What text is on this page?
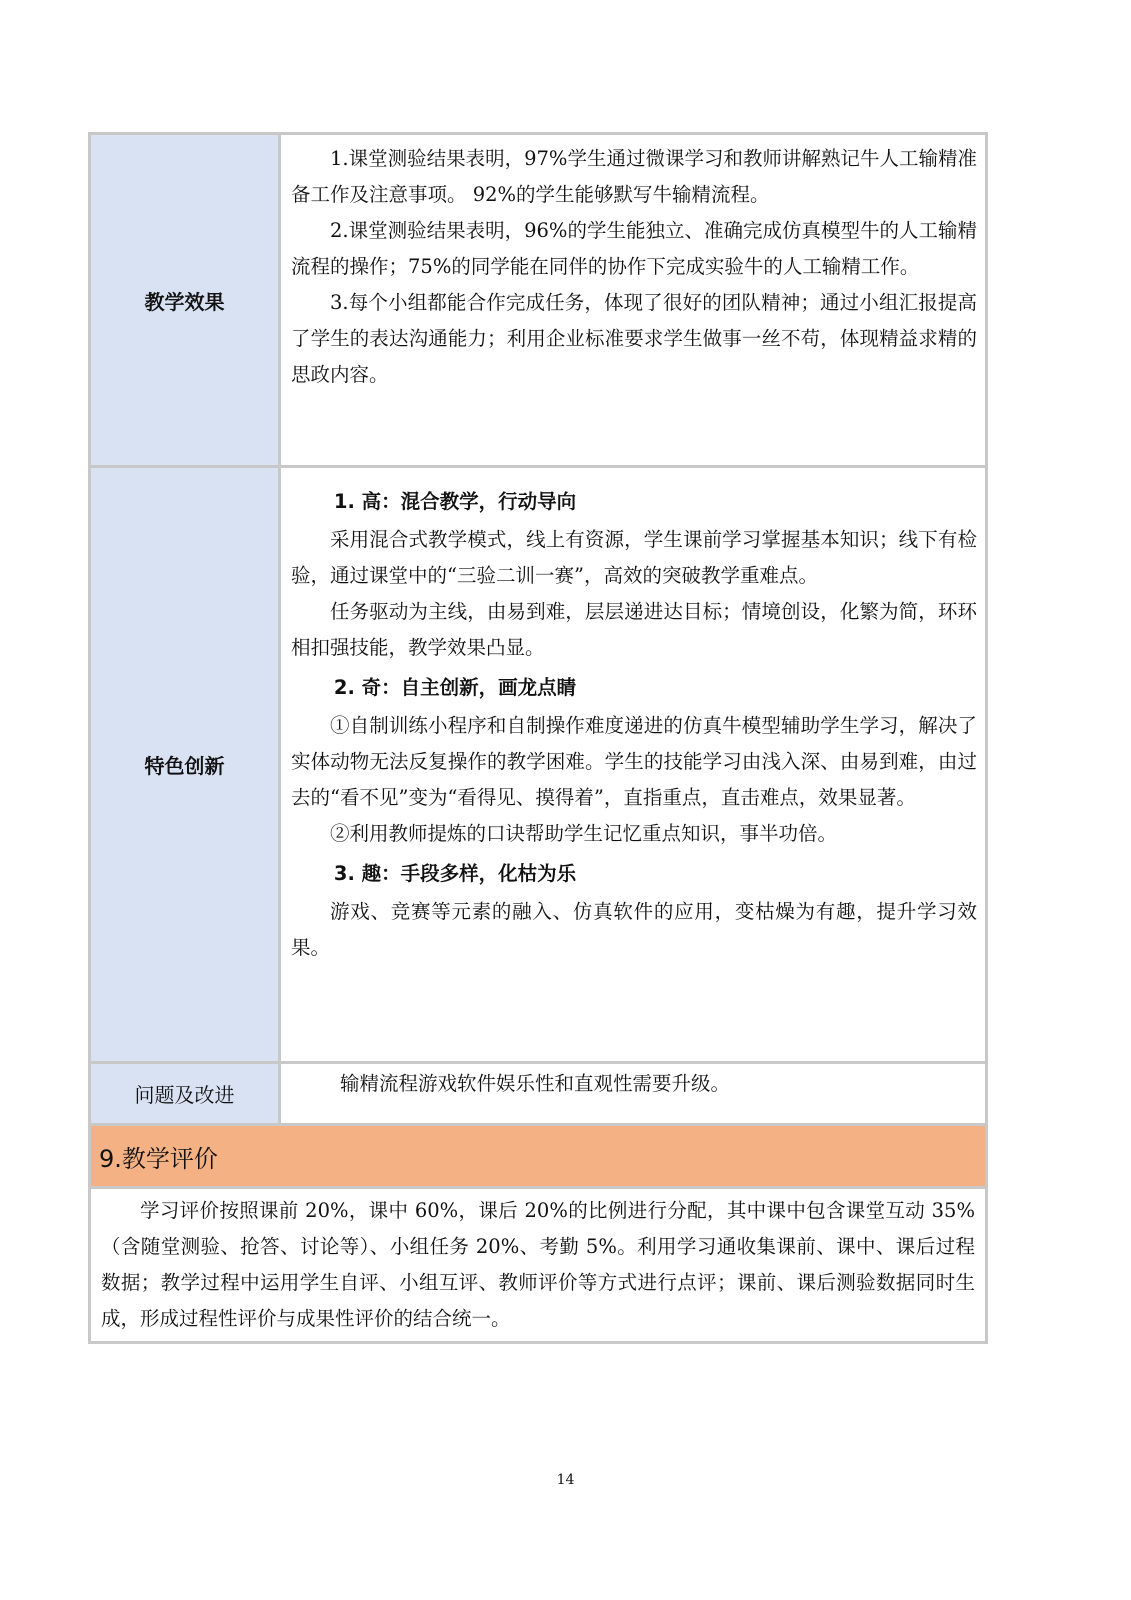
教学效果

1.课堂测验结果表明，97%学生通过微课学习和教师讲解熟记牛人工输精准备工作及注意事项。 92%的学生能够默写牛输精流程。

2.课堂测验结果表明，96%的学生能独立、准确完成仿真模型牛的人工输精流程的操作；75%的同学能在同伴的协作下完成实验牛的人工输精工作。

3.每个小组都能合作完成任务，体现了很好的团队精神；通过小组汇报提高了学生的表达沟通能力；利用企业标准要求学生做事一丝不苟，体现精益求精的思政内容。

特色创新
1. 高：混合教学，行动导向

采用混合式教学模式，线上有资源，学生课前学习掌握基本知识；线下有检验，通过课堂中的“三验二训一赛”，高效的突破教学重难点。

任务驱动为主线，由易到难，层层递进达目标；情境创设，化繁为简，环环相扣强技能，教学效果凸显。

2. 奇：自主创新，画龙点睛

①自制训练小程序和自制操作难度递进的仿真牛模型辅助学生学习，解决了实体动物无法反复操作的教学困难。学生的技能学习由浅入深、由易到难，由过去的“看不见”变为“看得见、摸得着”，直指重点，直击难点，效果显著。

②利用教师提炼的口诀帮助学生记忆重点知识，事半功倍。

3. 趣：手段多样，化枯为乐

游戏、竞赛等元素的融入、仿真软件的应用，变枯燥为有趣，提升学习效果。

问题及改进	输精流程游戏软件娱乐性和直观性需要升级。

9.教学评价

学习评价按照课前 20%，课中 60%，课后 20%的比例进行分配，其中课中包含课堂互动 35%（含随堂测验、抢答、讨论等）、小组任务 20%、考勤 5%。利用学习通收集课前、课中、课后过程数据；教学过程中运用学生自评、小组互评、教师评价等方式进行点评；课前、课后测验数据同时生成，形成过程性评价与成果性评价的结合统一。

14
